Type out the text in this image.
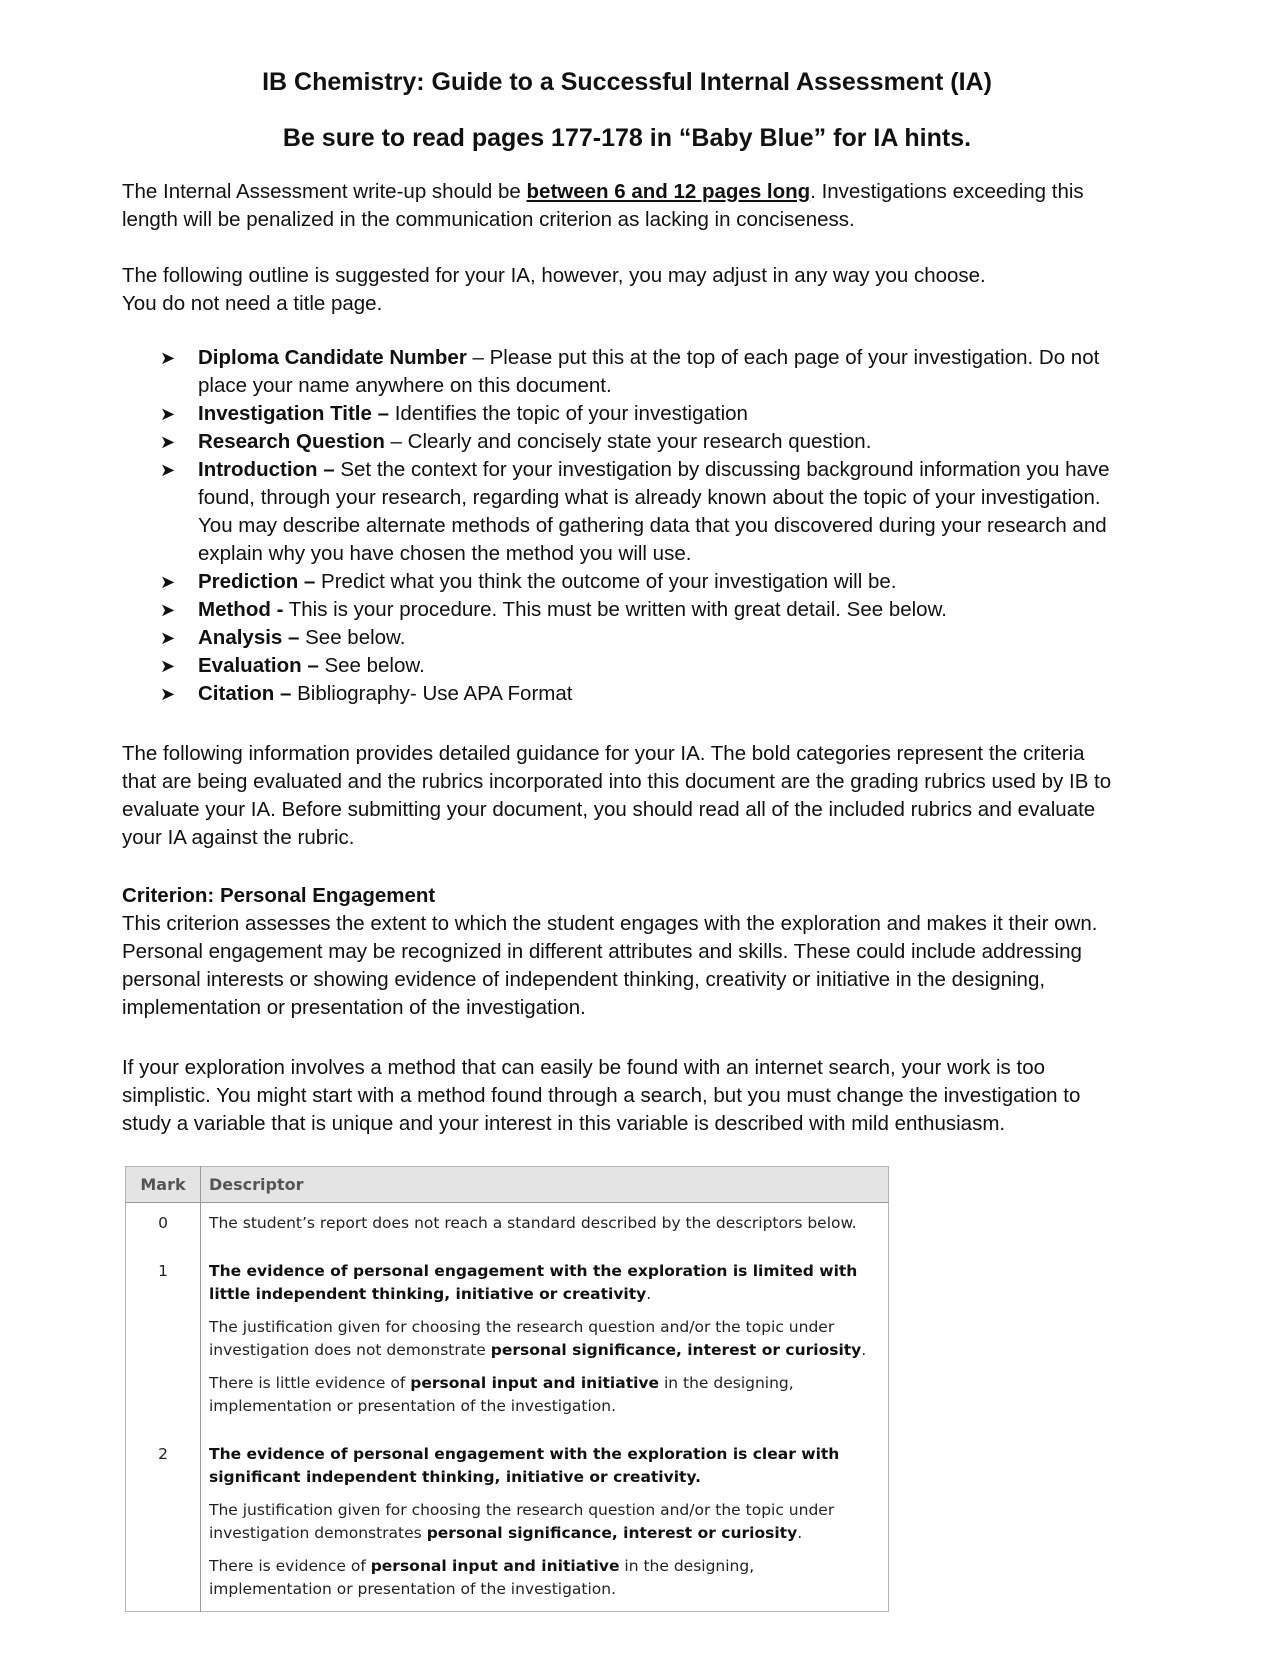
IB Chemistry: Guide to a Successful Internal Assessment (IA)
Be sure to read pages 177-178 in “Baby Blue” for IA hints.

The Internal Assessment write-up should be between 6 and 12 pages long. Investigations exceeding this length will be penalized in the communication criterion as lacking in conciseness.

The following outline is suggested for your IA, however, you may adjust in any way you choose.
You do not need a title page.

➤ Diploma Candidate Number – Please put this at the top of each page of your investigation. Do not place your name anywhere on this document.
➤ Investigation Title – Identifies the topic of your investigation
➤ Research Question – Clearly and concisely state your research question.
➤ Introduction – Set the context for your investigation by discussing background information you have found, through your research, regarding what is already known about the topic of your investigation. You may describe alternate methods of gathering data that you discovered during your research and explain why you have chosen the method you will use.
➤ Prediction – Predict what you think the outcome of your investigation will be.
➤ Method - This is your procedure. This must be written with great detail. See below.
➤ Analysis – See below.
➤ Evaluation – See below.
➤ Citation – Bibliography- Use APA Format

The following information provides detailed guidance for your IA. The bold categories represent the criteria that are being evaluated and the rubrics incorporated into this document are the grading rubrics used by IB to evaluate your IA. Before submitting your document, you should read all of the included rubrics and evaluate your IA against the rubric.

Criterion: Personal Engagement

This criterion assesses the extent to which the student engages with the exploration and makes it their own. Personal engagement may be recognized in different attributes and skills. These could include addressing personal interests or showing evidence of independent thinking, creativity or initiative in the designing, implementation or presentation of the investigation.

If your exploration involves a method that can easily be found with an internet search, your work is too simplistic. You might start with a method found through a search, but you must change the investigation to study a variable that is unique and your interest in this variable is described with mild enthusiasm.

Mark	Descriptor
0	The student’s report does not reach a standard described by the descriptors below.

1	The evidence of personal engagement with the exploration is limited with little independent thinking, initiative or creativity.
The justification given for choosing the research question and/or the topic under investigation does not demonstrate personal significance, interest or curiosity.
There is little evidence of personal input and initiative in the designing, implementation or presentation of the investigation.

2	The evidence of personal engagement with the exploration is clear with significant independent thinking, initiative or creativity.
The justification given for choosing the research question and/or the topic under investigation demonstrates personal significance, interest or curiosity.
There is evidence of personal input and initiative in the designing, implementation or presentation of the investigation.
